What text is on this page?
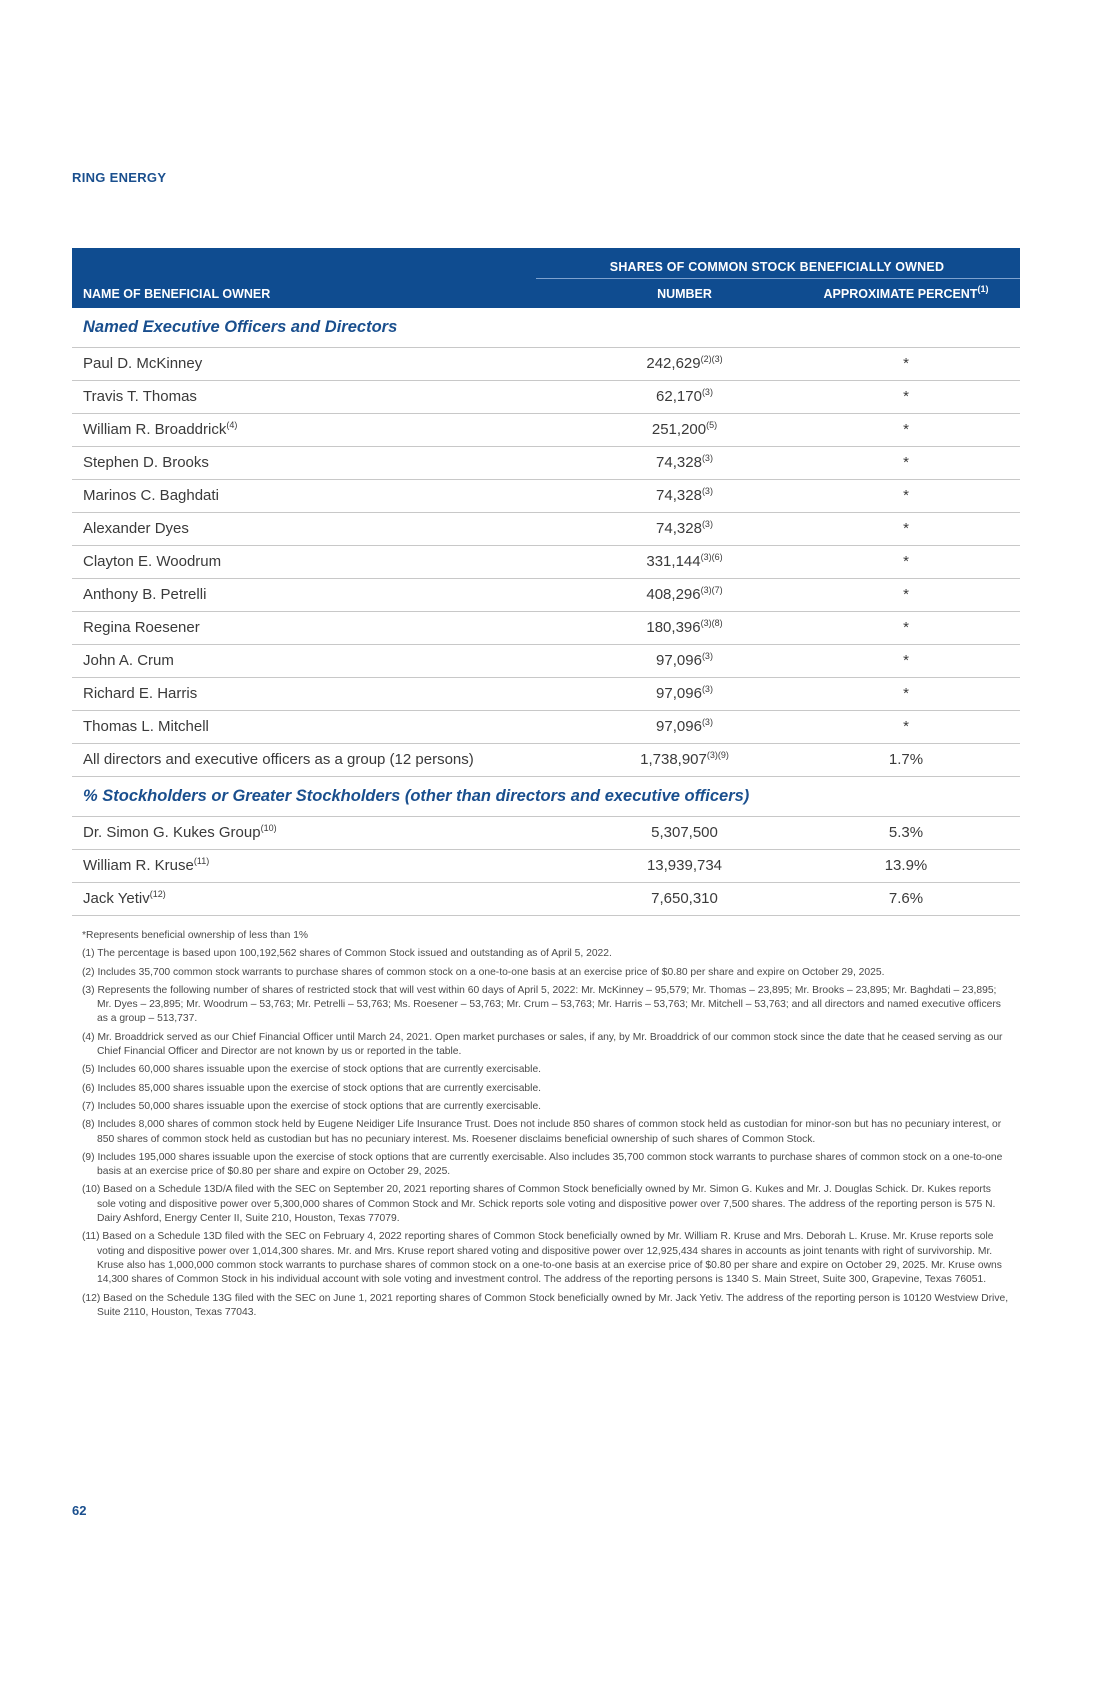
RING ENERGY
SHARES OF COMMON STOCK BENEFICIALLY OWNED
NAME OF BENEFICIAL OWNER	NUMBER	APPROXIMATE PERCENT$^{(1)}$
Named Executive Officers and Directors
Paul D. McKinney	$242,629^{(2)(3)}$	*
Travis T. Thomas	62,170$^{(3)}$	*
William R. Broaddrick$^{(4)}$	251,200$^{(5)}$	*
Stephen D. Brooks	74,328$^{(3)}$	*
Marinos C. Baghdati	74,328$^{(3)}$	*
Alexander Dyes	74,328$^{(3)}$	*
Clayton E. Woodrum	$331,144^{(3)(6)}$	*
Anthony B. Petrelli	$408,296^{(3)(7)}$	*
Regina Roesener	$180,396^{(3)(8)}$	*
John A. Crum	97,096$^{(3)}$	*
Richard E. Harris	97,096$^{(3)}$	*
Thomas L. Mitchell	97,096$^{(3)}$	*
All directors and executive officers as a group (12 persons)	$1,738,907^{(3)(9)}$	1.7%
% Stockholders or Greater Stockholders (other than directors and executive officers)
Dr. Simon G. Kukes Group$^{(10)}$	5,307,500	5.3%
William R. Kruse$^{(11)}$	13,939,734	13.9%
Jack Yetiv$^{(12)}$	7,650,310	7.6%
*Represents beneficial ownership of less than 1%
(1) The percentage is based upon 100,192,562 shares of Common Stock issued and outstanding as of April 5, 2022.
(2) Includes 35,700 common stock warrants to purchase shares of common stock on a one-to-one basis at an exercise price of $0.80 per share and expire on October 29, 2025.
(3) Represents the following number of shares of restricted stock that will vest within 60 days of April 5, 2022: Mr. McKinney – 95,579; Mr. Thomas – 23,895; Mr. Brooks – 23,895; Mr. Baghdati – 23,895; Mr. Dyes – 23,895; Mr. Woodrum – 53,763; Mr. Petrelli – 53,763; Ms. Roesener – 53,763; Mr. Crum – 53,763; Mr. Harris – 53,763; Mr. Mitchell – 53,763; and all directors and named executive officers as a group – 513,737.
(4) Mr. Broaddrick served as our Chief Financial Officer until March 24, 2021. Open market purchases or sales, if any, by Mr. Broaddrick of our common stock since the date that he ceased serving as our Chief Financial Officer and Director are not known by us or reported in the table.
(5) Includes 60,000 shares issuable upon the exercise of stock options that are currently exercisable.
(6) Includes 85,000 shares issuable upon the exercise of stock options that are currently exercisable.
(7) Includes 50,000 shares issuable upon the exercise of stock options that are currently exercisable.
(8) Includes 8,000 shares of common stock held by Eugene Neidiger Life Insurance Trust. Does not include 850 shares of common stock held as custodian for minor-son but has no pecuniary interest, or 850 shares of common stock held as custodian but has no pecuniary interest. Ms. Roesener disclaims beneficial ownership of such shares of Common Stock.
(9) Includes 195,000 shares issuable upon the exercise of stock options that are currently exercisable. Also includes 35,700 common stock warrants to purchase shares of common stock on a one-to-one basis at an exercise price of $0.80 per share and expire on October 29, 2025.
(10) Based on a Schedule 13D/A filed with the SEC on September 20, 2021 reporting shares of Common Stock beneficially owned by Mr. Simon G. Kukes and Mr. J. Douglas Schick. Dr. Kukes reports sole voting and dispositive power over 5,300,000 shares of Common Stock and Mr. Schick reports sole voting and dispositive power over 7,500 shares. The address of the reporting person is 575 N. Dairy Ashford, Energy Center II, Suite 210, Houston, Texas 77079.
(11) Based on a Schedule 13D filed with the SEC on February 4, 2022 reporting shares of Common Stock beneficially owned by Mr. William R. Kruse and Mrs. Deborah L. Kruse. Mr. Kruse reports sole voting and dispositive power over 1,014,300 shares. Mr. and Mrs. Kruse report shared voting and dispositive power over 12,925,434 shares in accounts as joint tenants with right of survivorship. Mr. Kruse also has 1,000,000 common stock warrants to purchase shares of common stock on a one-to-one basis at an exercise price of $0.80 per share and expire on October 29, 2025. Mr. Kruse owns 14,300 shares of Common Stock in his individual account with sole voting and investment control. The address of the reporting persons is 1340 S. Main Street, Suite 300, Grapevine, Texas 76051.
(12) Based on the Schedule 13G filed with the SEC on June 1, 2021 reporting shares of Common Stock beneficially owned by Mr. Jack Yetiv. The address of the reporting person is 10120 Westview Drive, Suite 2110, Houston, Texas 77043.
62
